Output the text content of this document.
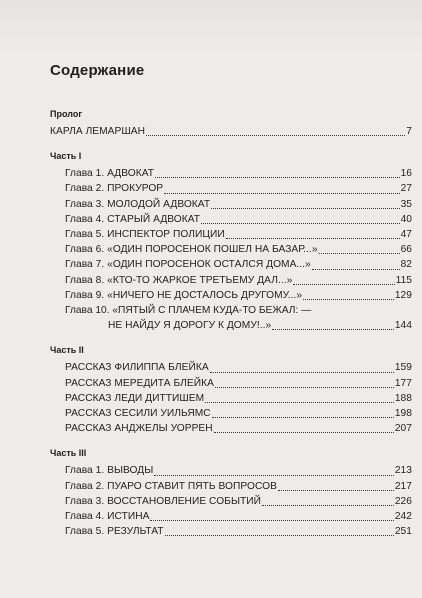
Содержание
Пролог
КАРЛА ЛЕМАРШАН	7
Часть I
Глава 1. АДВОКАТ	16
Глава 2. ПРОКУРОР	27
Глава 3. МОЛОДОЙ АДВОКАТ	35
Глава 4. СТАРЫЙ АДВОКАТ	40
Глава 5. ИНСПЕКТОР ПОЛИЦИИ	47
Глава 6. «ОДИН ПОРОСЕНОК ПОШЕЛ НА БАЗАР...»	66
Глава 7. «ОДИН ПОРОСЕНОК ОСТАЛСЯ ДОМА...»	82
Глава 8. «КТО-ТО ЖАРКОЕ ТРЕТЬЕМУ ДАЛ...»	115
Глава 9. «НИЧЕГО НЕ ДОСТАЛОСЬ ДРУГОМУ...»	129
Глава 10. «ПЯТЫЙ С ПЛАЧЕМ КУДА-ТО БЕЖАЛ: —
НЕ НАЙДУ Я ДОРОГУ К ДОМУ!..»	144
Часть II
РАССКАЗ ФИЛИППА БЛЕЙКА	159
РАССКАЗ МЕРЕДИТА БЛЕЙКА	177
РАССКАЗ ЛЕДИ ДИТТИШЕМ	188
РАССКАЗ СЕСИЛИ УИЛЬЯМС	198
РАССКАЗ АНДЖЕЛЫ УОРРЕН	207
Часть III
Глава 1. ВЫВОДЫ	213
Глава 2. ПУАРО СТАВИТ ПЯТЬ ВОПРОСОВ	217
Глава 3. ВОССТАНОВЛЕНИЕ СОБЫТИЙ	226
Глава 4. ИСТИНА	242
Глава 5. РЕЗУЛЬТАТ	251
